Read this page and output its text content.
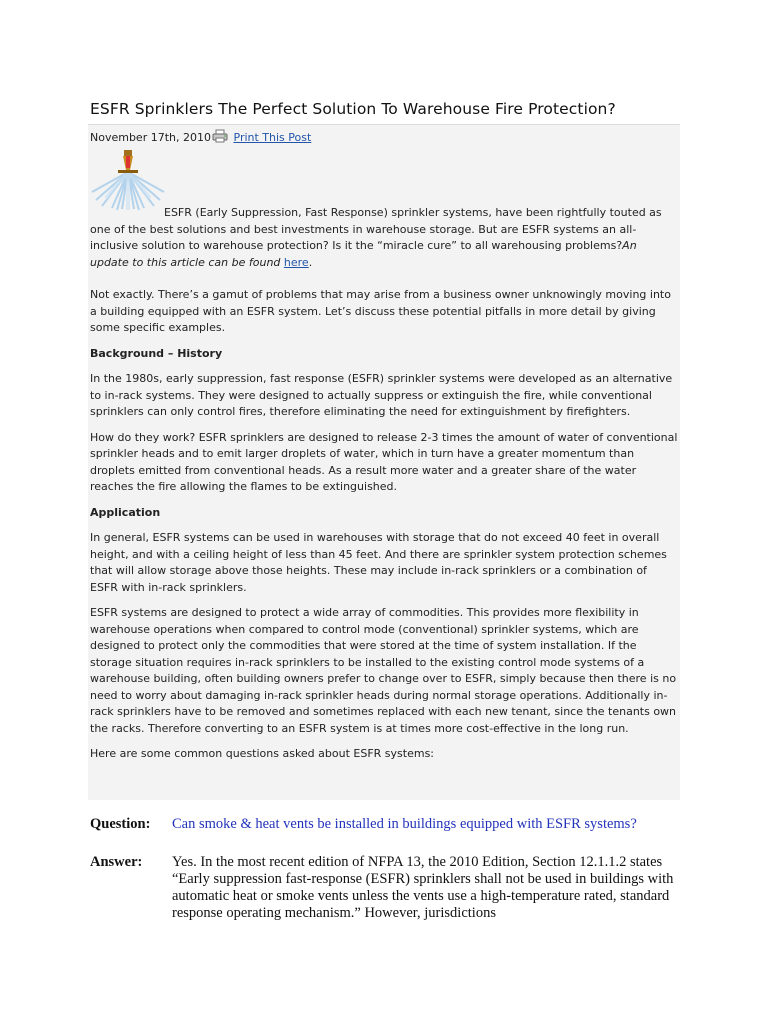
ESFR Sprinklers The Perfect Solution To Warehouse Fire Protection?
November 17th, 2010 Print This Post

ESFR (Early Suppression, Fast Response) sprinkler systems, have been rightfully touted as one of the best solutions and best investments in warehouse storage. But are ESFR systems an all-inclusive solution to warehouse protection? Is it the “miracle cure” to all warehousing problems?An update to this article can be found here.

Not exactly. There’s a gamut of problems that may arise from a business owner unknowingly moving into a building equipped with an ESFR system. Let’s discuss these potential pitfalls in more detail by giving some specific examples.

Background – History

In the 1980s, early suppression, fast response (ESFR) sprinkler systems were developed as an alternative to in-rack systems. They were designed to actually suppress or extinguish the fire, while conventional sprinklers can only control fires, therefore eliminating the need for extinguishment by firefighters.

How do they work? ESFR sprinklers are designed to release 2-3 times the amount of water of conventional sprinkler heads and to emit larger droplets of water, which in turn have a greater momentum than droplets emitted from conventional heads. As a result more water and a greater share of the water reaches the fire allowing the flames to be extinguished.

Application

In general, ESFR systems can be used in warehouses with storage that do not exceed 40 feet in overall height, and with a ceiling height of less than 45 feet. And there are sprinkler system protection schemes that will allow storage above those heights. These may include in-rack sprinklers or a combination of ESFR with in-rack sprinklers.

ESFR systems are designed to protect a wide array of commodities. This provides more flexibility in warehouse operations when compared to control mode (conventional) sprinkler systems, which are designed to protect only the commodities that were stored at the time of system installation. If the storage situation requires in-rack sprinklers to be installed to the existing control mode systems of a warehouse building, often building owners prefer to change over to ESFR, simply because then there is no need to worry about damaging in-rack sprinkler heads during normal storage operations. Additionally in-rack sprinklers have to be removed and sometimes replaced with each new tenant, since the tenants own the racks. Therefore converting to an ESFR system is at times more cost-effective in the long run.

Here are some common questions asked about ESFR systems:

Question: Can smoke & heat vents be installed in buildings equipped with ESFR systems?
Answer: Yes. In the most recent edition of NFPA 13, the 2010 Edition, Section 12.1.1.2 states “Early suppression fast-response (ESFR) sprinklers shall not be used in buildings with automatic heat or smoke vents unless the vents use a high-temperature rated, standard response operating mechanism.” However, jurisdictions
